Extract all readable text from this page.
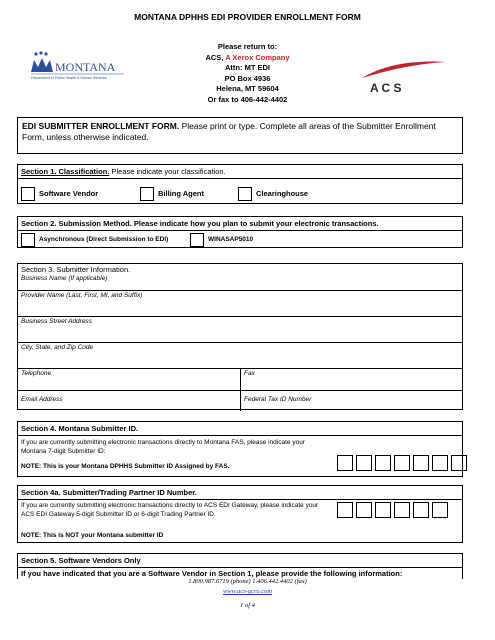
MONTANA DPHHS EDI PROVIDER ENROLLMENT FORM
MONTANA
Department of Public Health & Human Services
Please return to:
ACS, A Xerox Company
Attn: MT EDI
PO Box 4936
Helena, MT 59604
Or fax to 406-442-4402
A C S
EDI SUBMITTER ENROLLMENT FORM. Please print or type. Complete all areas of the Submitter Enrollment Form, unless otherwise indicated.
Section 1. Classification. Please indicate your classification.
Software Vendor	Billing Agent	Clearinghouse
Section 2. Submission Method. Please indicate how you plan to submit your electronic transactions.
Asynchronous (Direct Submission to EDI)	WINASAP5010
Section 3. Submitter Information.
Business Name (If applicable)
Provider Name (Last, First, MI, and Suffix)
Business Street Address
City, State, and Zip Code
Telephone	Fax
Email Address	Federal Tax ID Number
Section 4. Montana Submitter ID.
If you are currently submitting electronic transactions directly to Montana FAS, please indicate your Montana 7-digit Submitter ID:
NOTE: This is your Montana DPHHS Submitter ID Assigned by FAS.
Section 4a. Submitter/Trading Partner ID Number.
If you are currently submitting electronic transactions directly to ACS EDI Gateway, please indicate your ACS EDI Gateway 5-digit Submitter ID or 6-digit Trading Partner ID.
NOTE: This is NOT your Montana submitter ID
Section 5. Software Vendors Only
If you have indicated that you are a Software Vendor in Section 1, please provide the following information:
1.800.987.6719 (phone) 1.406.442.4402 (fax)
www.acs-gcro.com
1 of 4
